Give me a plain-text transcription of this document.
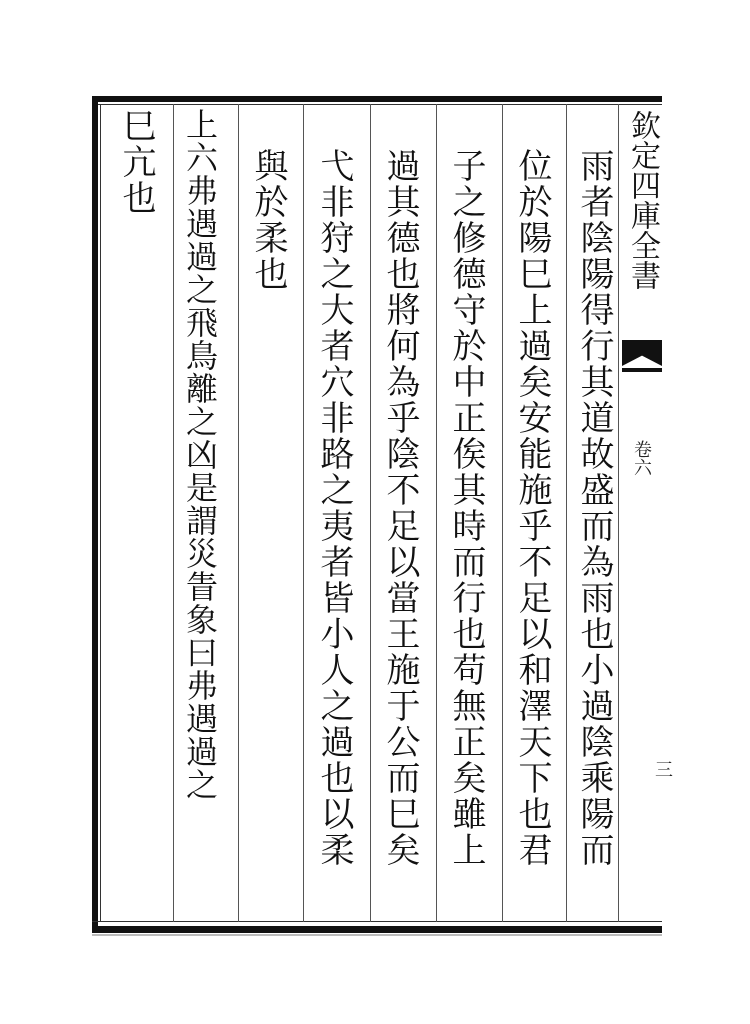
欽定四庫全書
卷六
三
雨者陰陽得行其道故盛而為雨也小過陰乘陽而
位於陽巳上過矣安能施乎不足以和澤天下也君
子之修德守於中正俟其時而行也苟無正矣雖上
過其德也將何為乎陰不足以當王施于公而巳矣
弋非狩之大者穴非路之夷者皆小人之過也以柔
與於柔也
上六弗遇過之飛鳥離之凶是謂災眚象曰弗遇過之
巳亢也
